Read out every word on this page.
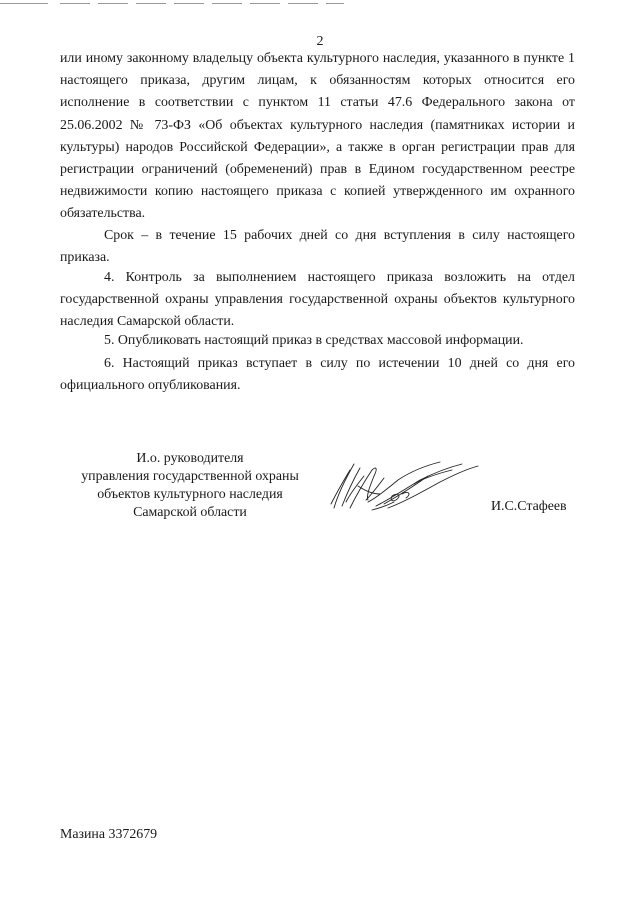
2

или иному законному владельцу объекта культурного наследия, указанного в пункте 1 настоящего приказа, другим лицам, к обязанностям которых относится его исполнение в соответствии с пунктом 11 статьи 47.6 Федерального закона от 25.06.2002 № 73-ФЗ «Об объектах культурного наследия (памятниках истории и культуры) народов Российской Федерации», а также в орган регистрации прав для регистрации ограничений (обременений) прав в Едином государственном реестре недвижимости копию настоящего приказа с копией утвержденного им охранного обязательства.

Срок – в течение 15 рабочих дней со дня вступления в силу настоящего приказа.

4. Контроль за выполнением настоящего приказа возложить на отдел государственной охраны управления государственной охраны объектов культурного наследия Самарской области.

5. Опубликовать настоящий приказ в средствах массовой информации.

6. Настоящий приказ вступает в силу по истечении 10 дней со дня его официального опубликования.

И.о. руководителя
управления государственной охраны
объектов культурного наследия
Самарской области	И.С.Стафеев
Мазина 3372679
